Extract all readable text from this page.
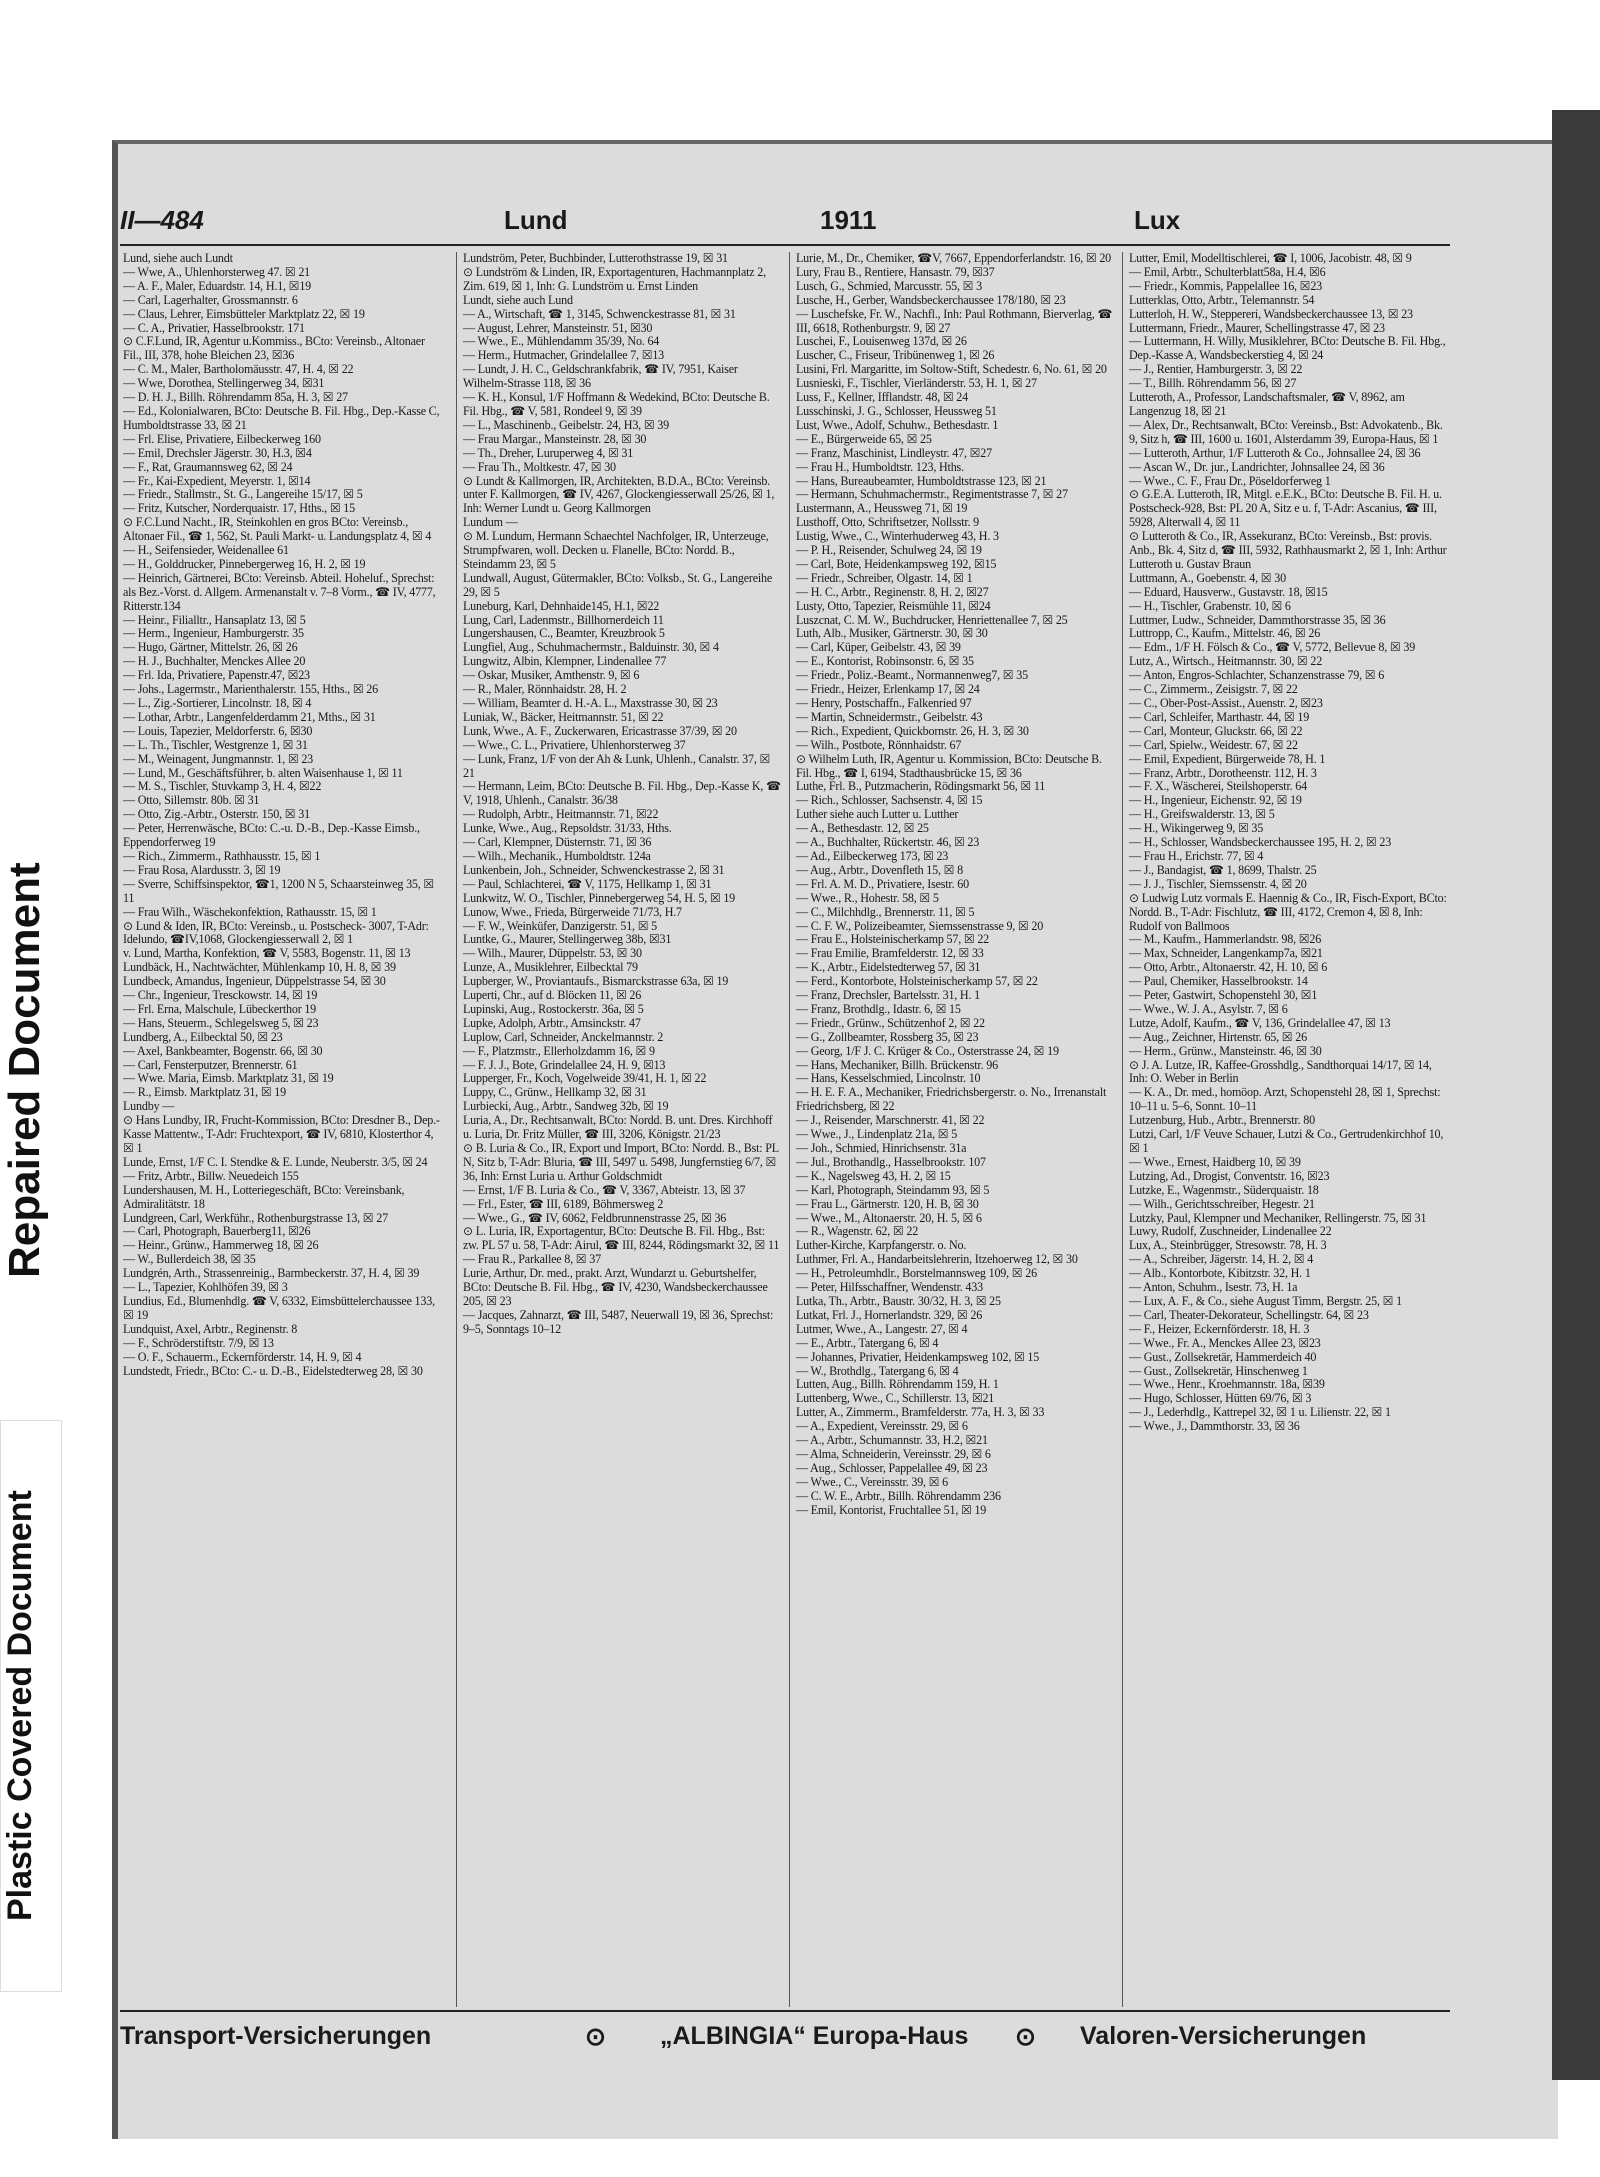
Repaired Document
Plastic Covered Document
II—484	Lund	1911	Lux

Lund, siehe auch Lundt

— Wwe, A., Uhlenhorsterweg 47. ☒ 21

— A. F., Maler, Eduardstr. 14, H.1, ☒19

— Carl, Lagerhalter, Grossmannstr. 6

— Claus, Lehrer, Eimsbütteler Marktplatz 22, ☒ 19

— C. A., Privatier, Hasselbrookstr. 171

⊙ C.F.Lund, IR, Agentur u.Kommiss., BCto: Vereinsb., Altonaer Fil., III, 378, hohe Bleichen 23, ☒36

— C. M., Maler, Bartholomäusstr. 47, H. 4, ☒ 22

— Wwe, Dorothea, Stellingerweg 34, ☒31

— D. H. J., Billh. Röhrendamm 85a, H. 3, ☒ 27

— Ed., Kolonialwaren, BCto: Deutsche B. Fil. Hbg., Dep.-Kasse C, Humboldtstrasse 33, ☒ 21

— Frl. Elise, Privatiere, Eilbeckerweg 160

— Emil, Drechsler Jägerstr. 30, H.3, ☒4

— F., Rat, Graumannsweg 62, ☒ 24

— Fr., Kai-Expedient, Meyerstr. 1, ☒14

— Friedr., Stallmstr., St. G., Langereihe 15/17, ☒ 5

— Fritz, Kutscher, Norderquaistr. 17, Hths., ☒ 15

⊙ F.C.Lund Nacht., IR, Steinkohlen en gros BCto: Vereinsb., Altonaer Fil., ☎ 1, 562, St. Pauli Markt- u. Landungsplatz 4, ☒ 4

— H., Seifensieder, Weidenallee 61

— H., Golddrucker, Pinnebergerweg 16, H. 2, ☒ 19

— Heinrich, Gärtnerei, BCto: Vereinsb. Abteil. Hoheluf., Sprechst: als Bez.-Vorst. d. Allgem. Armenanstalt v. 7–8 Vorm., ☎ IV, 4777, Ritterstr.134

— Heinr., Filialltr., Hansaplatz 13, ☒ 5

— Herm., Ingenieur, Hamburgerstr. 35

— Hugo, Gärtner, Mittelstr. 26, ☒ 26

— H. J., Buchhalter, Menckes Allee 20

— Frl. Ida, Privatiere, Papenstr.47, ☒23

— Johs., Lagermstr., Marienthalerstr. 155, Hths., ☒ 26

— L., Zig.-Sortierer, Lincolnstr. 18, ☒ 4

— Lothar, Arbtr., Langenfelderdamm 21, Mths., ☒ 31

— Louis, Tapezier, Meldorferstr. 6, ☒30

— L. Th., Tischler, Westgrenze 1, ☒ 31

— M., Weinagent, Jungmannstr. 1, ☒ 23

— Lund, M., Geschäftsführer, b. alten Waisenhause 1, ☒ 11

— M. S., Tischler, Stuvkamp 3, H. 4, ☒22

— Otto, Sillemstr. 80b. ☒ 31

— Otto, Zig.-Arbtr., Osterstr. 150, ☒ 31

— Peter, Herrenwäsche, BCto: C.-u. D.-B., Dep.-Kasse Eimsb., Eppendorferweg 19

— Rich., Zimmerm., Rathhausstr. 15, ☒ 1

— Frau Rosa, Alardusstr. 3, ☒ 19

— Sverre, Schiffsinspektor, ☎1, 1200 N 5, Schaarsteinweg 35, ☒ 11

— Frau Wilh., Wäschekonfektion, Rathausstr. 15, ☒ 1

⊙ Lund & Iden, IR, BCto: Vereinsb., u. Postscheck- 3007, T-Adr: Idelundo, ☎IV,1068, Glockengiesserwall 2, ☒ 1

v. Lund, Martha, Konfektion, ☎ V, 5583, Bogenstr. 11, ☒ 13

Lundbäck, H., Nachtwächter, Mühlenkamp 10, H. 8, ☒ 39

Lundbeck, Amandus, Ingenieur, Düppelstrasse 54, ☒ 30

— Chr., Ingenieur, Tresckowstr. 14, ☒ 19

— Frl. Erna, Malschule, Lübeckerthor 19

— Hans, Steuerm., Schlegelsweg 5, ☒ 23

Lundberg, A., Eilbecktal 50, ☒ 23

— Axel, Bankbeamter, Bogenstr. 66, ☒ 30

— Carl, Fensterputzer, Brennerstr. 61

— Wwe. Maria, Eimsb. Marktplatz 31, ☒ 19

— R., Eimsb. Marktplatz 31, ☒ 19

Lundby —

⊙ Hans Lundby, IR, Frucht-Kommission, BCto: Dresdner B., Dep.-Kasse Mattentw., T-Adr: Fruchtexport, ☎ IV, 6810, Klosterthor 4, ☒ 1

Lunde, Ernst, 1/F C. I. Stendke & E. Lunde, Neuberstr. 3/5, ☒ 24

— Fritz, Arbtr., Billw. Neuedeich 155

Lundershausen, M. H., Lotteriegeschäft, BCto: Vereinsbank, Admiralitätstr. 18

Lundgreen, Carl, Werkführ., Rothenburgstrasse 13, ☒ 27

— Carl, Photograph, Bauerberg11, ☒26

— Heinr., Grünw., Hammerweg 18, ☒ 26

— W., Bullerdeich 38, ☒ 35

Lundgrén, Arth., Strassenreinig., Barmbeckerstr. 37, H. 4, ☒ 39

— L., Tapezier, Kohlhöfen 39, ☒ 3

Lundius, Ed., Blumenhdlg. ☎ V, 6332, Eimsbüttelerchaussee 133, ☒ 19

Lundquist, Axel, Arbtr., Reginenstr. 8

— F., Schröderstiftstr. 7/9, ☒ 13

— O. F., Schauerm., Eckernförderstr. 14, H. 9, ☒ 4

Lundstedt, Friedr., BCto: C.- u. D.-B., Eidelstedterweg 28, ☒ 30

Lundström, Peter, Buchbinder, Lutterothstrasse 19, ☒ 31

⊙ Lundström & Linden, IR, Exportagenturen, Hachmannplatz 2, Zim. 619, ☒ 1, Inh: G. Lundström u. Ernst Linden

Lundt, siehe auch Lund

— A., Wirtschaft, ☎ 1, 3145, Schwenckestrasse 81, ☒ 31

— August, Lehrer, Mansteinstr. 51, ☒30

— Wwe., E., Mühlendamm 35/39, No. 64

— Herm., Hutmacher, Grindelallee 7, ☒13

— Lundt, J. H. C., Geldschrankfabrik, ☎ IV, 7951, Kaiser Wilhelm-Strasse 118, ☒ 36

— K. H., Konsul, 1/F Hoffmann & Wedekind, BCto: Deutsche B. Fil. Hbg., ☎ V, 581, Rondeel 9, ☒ 39

— L., Maschinenb., Geibelstr. 24, H3, ☒ 39

— Frau Margar., Mansteinstr. 28, ☒ 30

— Th., Dreher, Luruperweg 4, ☒ 31

— Frau Th., Moltkestr. 47, ☒ 30

⊙ Lundt & Kallmorgen, IR, Architekten, B.D.A., BCto: Vereinsb. unter F. Kallmorgen, ☎ IV, 4267, Glockengiesserwall 25/26, ☒ 1, Inh: Werner Lundt u. Georg Kallmorgen

Lundum —

⊙ M. Lundum, Hermann Schaechtel Nachfolger, IR, Unterzeuge, Strumpfwaren, woll. Decken u. Flanelle, BCto: Nordd. B., Steindamm 23, ☒ 5

Lundwall, August, Gütermakler, BCto: Volksb., St. G., Langereihe 29, ☒ 5

Luneburg, Karl, Dehnhaide145, H.1, ☒22

Lung, Carl, Ladenmstr., Billhornerdeich 11

Lungershausen, C., Beamter, Kreuzbrook 5

Lungfiel, Aug., Schuhmachermstr., Balduinstr. 30, ☒ 4

Lungwitz, Albin, Klempner, Lindenallee 77

— Oskar, Musiker, Amthenstr. 9, ☒ 6

— R., Maler, Rönnhaidstr. 28, H. 2

— William, Beamter d. H.-A. L., Maxstrasse 30, ☒ 23

Luniak, W., Bäcker, Heitmannstr. 51, ☒ 22

Lunk, Wwe., A. F., Zuckerwaren, Ericastrasse 37/39, ☒ 20

— Wwe., C. L., Privatiere, Uhlenhorsterweg 37

— Lunk, Franz, 1/F von der Ah & Lunk, Uhlenh., Canalstr. 37, ☒ 21

— Hermann, Leim, BCto: Deutsche B. Fil. Hbg., Dep.-Kasse K, ☎ V, 1918, Uhlenh., Canalstr. 36/38

— Rudolph, Arbtr., Heitmannstr. 71, ☒22

Lunke, Wwe., Aug., Repsoldstr. 31/33, Hths.

— Carl, Klempner, Düsternstr. 71, ☒ 36

— Wilh., Mechanik., Humboldtstr. 124a

Lunkenbein, Joh., Schneider, Schwenckestrasse 2, ☒ 31

— Paul, Schlachterei, ☎ V, 1175, Hellkamp 1, ☒ 31

Lunkwitz, W. O., Tischler, Pinnebergerweg 54, H. 5, ☒ 19

Lunow, Wwe., Frieda, Bürgerweide 71/73, H.7

— F. W., Weinküfer, Danzigerstr. 51, ☒ 5

Luntke, G., Maurer, Stellingerweg 38b, ☒31

— Wilh., Maurer, Düppelstr. 53, ☒ 30

Lunze, A., Musiklehrer, Eilbecktal 79

Lupberger, W., Proviantaufs., Bismarckstrasse 63a, ☒ 19

Luperti, Chr., auf d. Blöcken 11, ☒ 26

Lupinski, Aug., Rostockerstr. 36a, ☒ 5

Lupke, Adolph, Arbtr., Amsinckstr. 47

Luplow, Carl, Schneider, Anckelmannstr. 2

— F., Platzmstr., Ellerholzdamm 16, ☒ 9

— F. J. J., Bote, Grindelallee 24, H. 9, ☒13

Lupperger, Fr., Koch, Vogelweide 39/41, H. 1, ☒ 22

Luppy, C., Grünw., Hellkamp 32, ☒ 31

Lurbiecki, Aug., Arbtr., Sandweg 32b, ☒ 19

Luria, A., Dr., Rechtsanwalt, BCto: Nordd. B. unt. Dres. Kirchhoff u. Luria, Dr. Fritz Müller, ☎ III, 3206, Königstr. 21/23

⊙ B. Luria & Co., IR, Export und Import, BCto: Nordd. B., Bst: PL N, Sitz b, T-Adr: Bluria, ☎ III, 5497 u. 5498, Jungfernstieg 6/7, ☒ 36, Inh: Ernst Luria u. Arthur Goldschmidt

— Ernst, 1/F B. Luria & Co., ☎ V, 3367, Abteistr. 13, ☒ 37

— Frl., Ester, ☎ III, 6189, Böhmersweg 2

— Wwe., G., ☎ IV, 6062, Feldbrunnenstrasse 25, ☒ 36

⊙ L. Luria, IR, Exportagentur, BCto: Deutsche B. Fil. Hbg., Bst: zw. PL 57 u. 58, T-Adr: Airul, ☎ III, 8244, Rödingsmarkt 32, ☒ 11

— Frau R., Parkallee 8, ☒ 37

Lurie, Arthur, Dr. med., prakt. Arzt, Wundarzt u. Geburtshelfer, BCto: Deutsche B. Fil. Hbg., ☎ IV, 4230, Wandsbeckerchaussee 205, ☒ 23

— Jacques, Zahnarzt, ☎ III, 5487, Neuerwall 19, ☒ 36, Sprechst: 9–5, Sonntags 10–12

Lurie, M., Dr., Chemiker, ☎V, 7667, Eppendorferlandstr. 16, ☒ 20

Lury, Frau B., Rentiere, Hansastr. 79, ☒37

Lusch, G., Schmied, Marcusstr. 55, ☒ 3

Lusche, H., Gerber, Wandsbeckerchaussee 178/180, ☒ 23

— Luschefske, Fr. W., Nachfl., Inh: Paul Rothmann, Bierverlag, ☎ III, 6618, Rothenburgstr. 9, ☒ 27

Luschei, F., Louisenweg 137d, ☒ 26

Luscher, C., Friseur, Tribünenweg 1, ☒ 26

Lusini, Frl. Margaritte, im Soltow-Stift, Schedestr. 6, No. 61, ☒ 20

Lusnieski, F., Tischler, Vierländerstr. 53, H. 1, ☒ 27

Luss, F., Kellner, Ifflandstr. 48, ☒ 24

Lusschinski, J. G., Schlosser, Heussweg 51

Lust, Wwe., Adolf, Schuhw., Bethesdastr. 1

— E., Bürgerweide 65, ☒ 25

— Franz, Maschinist, Lindleystr. 47, ☒27

— Frau H., Humboldtstr. 123, Hths.

— Hans, Bureaubeamter, Humboldtstrasse 123, ☒ 21

— Hermann, Schuhmachermstr., Regimentstrasse 7, ☒ 27

Lustermann, A., Heussweg 71, ☒ 19

Lusthoff, Otto, Schriftsetzer, Nollsstr. 9

Lustig, Wwe., C., Winterhuderweg 43, H. 3

— P. H., Reisender, Schulweg 24, ☒ 19

— Carl, Bote, Heidenkampsweg 192, ☒15

— Friedr., Schreiber, Olgastr. 14, ☒ 1

— H. C., Arbtr., Reginenstr. 8, H. 2, ☒27

Lusty, Otto, Tapezier, Reismühle 11, ☒24

Luszcnat, C. M. W., Buchdrucker, Henriettenallee 7, ☒ 25

Luth, Alb., Musiker, Gärtnerstr. 30, ☒ 30

— Carl, Küper, Geibelstr. 43, ☒ 39

— E., Kontorist, Robinsonstr. 6, ☒ 35

— Friedr., Poliz.-Beamt., Normannenweg7, ☒ 35

— Friedr., Heizer, Erlenkamp 17, ☒ 24

— Henry, Postschaffn., Falkenried 97

— Martin, Schneidermstr., Geibelstr. 43

— Rich., Expedient, Quickbornstr. 26, H. 3, ☒ 30

— Wilh., Postbote, Rönnhaidstr. 67

⊙ Wilhelm Luth, IR, Agentur u. Kommission, BCto: Deutsche B. Fil. Hbg., ☎ I, 6194, Stadthausbrücke 15, ☒ 36

Luthe, Frl. B., Putzmacherin, Rödingsmarkt 56, ☒ 11

— Rich., Schlosser, Sachsenstr. 4, ☒ 15

Luther siehe auch Lutter u. Lutther

— A., Bethesdastr. 12, ☒ 25

— A., Buchhalter, Rückertstr. 46, ☒ 23

— Ad., Eilbeckerweg 173, ☒ 23

— Aug., Arbtr., Dovenfleth 15, ☒ 8

— Frl. A. M. D., Privatiere, Isestr. 60

— Wwe., R., Hohestr. 58, ☒ 5

— C., Milchhdlg., Brennerstr. 11, ☒ 5

— C. F. W., Polizeibeamter, Siemssenstrasse 9, ☒ 20

— Frau E., Holsteinischerkamp 57, ☒ 22

— Frau Emilie, Bramfelderstr. 12, ☒ 33

— K., Arbtr., Eidelstedterweg 57, ☒ 31

— Ferd., Kontorbote, Holsteinischerkamp 57, ☒ 22

— Franz, Drechsler, Bartelsstr. 31, H. 1

— Franz, Brothdlg., Idastr. 6, ☒ 15

— Friedr., Grünw., Schützenhof 2, ☒ 22

— G., Zollbeamter, Rossberg 35, ☒ 23

— Georg, 1/F J. C. Krüger & Co., Osterstrasse 24, ☒ 19

— Hans, Mechaniker, Billh. Brückenstr. 96

— Hans, Kesselschmied, Lincolnstr. 10

— H. E. F. A., Mechaniker, Friedrichsbergerstr. o. No., Irrenanstalt Friedrichsberg, ☒ 22

— J., Reisender, Marschnerstr. 41, ☒ 22

— Wwe., J., Lindenplatz 21a, ☒ 5

— Joh., Schmied, Hinrichsenstr. 31a

— Jul., Brothandlg., Hasselbrookstr. 107

— K., Nagelsweg 43, H. 2, ☒ 15

— Karl, Photograph, Steindamm 93, ☒ 5

— Frau L., Gärtnerstr. 120, H. B, ☒ 30

— Wwe., M., Altonaerstr. 20, H. 5, ☒ 6

— R., Wagenstr. 62, ☒ 22

Luther-Kirche, Karpfangerstr. o. No.

Luthmer, Frl. A., Handarbeitslehrerin, Itzehoerweg 12, ☒ 30

— H., Petroleumhdlr., Borstelmannsweg 109, ☒ 26

— Peter, Hilfsschaffner, Wendenstr. 433

Lutka, Th., Arbtr., Baustr. 30/32, H. 3, ☒ 25

Lutkat, Frl. J., Hornerlandstr. 329, ☒ 26

Lutmer, Wwe., A., Langestr. 27, ☒ 4

— E., Arbtr., Tatergang 6, ☒ 4

— Johannes, Privatier, Heidenkampsweg 102, ☒ 15

— W., Brothdlg., Tatergang 6, ☒ 4

Lutten, Aug., Billh. Röhrendamm 159, H. 1

Luttenberg, Wwe., C., Schillerstr. 13, ☒21

Lutter, A., Zimmerm., Bramfelderstr. 77a, H. 3, ☒ 33

— A., Expedient, Vereinsstr. 29, ☒ 6

— A., Arbtr., Schumannstr. 33, H.2, ☒21

— Alma, Schneiderin, Vereinsstr. 29, ☒ 6

— Aug., Schlosser, Pappelallee 49, ☒ 23

— Wwe., C., Vereinsstr. 39, ☒ 6

— C. W. E., Arbtr., Billh. Röhrendamm 236

— Emil, Kontorist, Fruchtallee 51, ☒ 19

Lutter, Emil, Modelltischlerei, ☎ I, 1006, Jacobistr. 48, ☒ 9

— Emil, Arbtr., Schulterblatt58a, H.4, ☒6

— Friedr., Kommis, Pappelallee 16, ☒23

Lutterklas, Otto, Arbtr., Telemannstr. 54

Lutterloh, H. W., Steppereri, Wandsbeckerchaussee 13, ☒ 23

Luttermann, Friedr., Maurer, Schellingstrasse 47, ☒ 23

— Luttermann, H. Willy, Musiklehrer, BCto: Deutsche B. Fil. Hbg., Dep.-Kasse A, Wandsbeckerstieg 4, ☒ 24

— J., Rentier, Hamburgerstr. 3, ☒ 22

— T., Billh. Röhrendamm 56, ☒ 27

Lutteroth, A., Professor, Landschaftsmaler, ☎ V, 8962, am Langenzug 18, ☒ 21

— Alex, Dr., Rechtsanwalt, BCto: Vereinsb., Bst: Advokatenb., Bk. 9, Sitz h, ☎ III, 1600 u. 1601, Alsterdamm 39, Europa-Haus, ☒ 1

— Lutteroth, Arthur, 1/F Lutteroth & Co., Johnsallee 24, ☒ 36

— Ascan W., Dr. jur., Landrichter, Johnsallee 24, ☒ 36

— Wwe., C. F., Frau Dr., Pöseldorferweg 1

⊙ G.E.A. Lutteroth, IR, Mitgl. e.E.K., BCto: Deutsche B. Fil. H. u. Postscheck-928, Bst: PL 20 A, Sitz e u. f, T-Adr: Ascanius, ☎ III, 5928, Alterwall 4, ☒ 11

⊙ Lutteroth & Co., IR, Assekuranz, BCto: Vereinsb., Bst: provis. Anb., Bk. 4, Sitz d, ☎ III, 5932, Rathhausmarkt 2, ☒ 1, Inh: Arthur Lutteroth u. Gustav Braun

Luttmann, A., Goebenstr. 4, ☒ 30

— Eduard, Hausverw., Gustavstr. 18, ☒15

— H., Tischler, Grabenstr. 10, ☒ 6

Luttmer, Ludw., Schneider, Dammthorstrasse 35, ☒ 36

Luttropp, C., Kaufm., Mittelstr. 46, ☒ 26

— Edm., 1/F H. Fölsch & Co., ☎ V, 5772, Bellevue 8, ☒ 39

Lutz, A., Wirtsch., Heitmannstr. 30, ☒ 22

— Anton, Engros-Schlachter, Schanzenstrasse 79, ☒ 6

— C., Zimmerm., Zeisigstr. 7, ☒ 22

— C., Ober-Post-Assist., Auenstr. 2, ☒23

— Carl, Schleifer, Marthastr. 44, ☒ 19

— Carl, Monteur, Gluckstr. 66, ☒ 22

— Carl, Spielw., Weidestr. 67, ☒ 22

— Emil, Expedient, Bürgerweide 78, H. 1

— Franz, Arbtr., Dorotheenstr. 112, H. 3

— F. X., Wäscherei, Steilshoperstr. 64

— H., Ingenieur, Eichenstr. 92, ☒ 19

— H., Greifswalderstr. 13, ☒ 5

— H., Wikingerweg 9, ☒ 35

— H., Schlosser, Wandsbeckerchaussee 195, H. 2, ☒ 23

— Frau H., Erichstr. 77, ☒ 4

— J., Bandagist, ☎ 1, 8699, Thalstr. 25

— J. J., Tischler, Siemssenstr. 4, ☒ 20

⊙ Ludwig Lutz vormals E. Haennig & Co., IR, Fisch-Export, BCto: Nordd. B., T-Adr: Fischlutz, ☎ III, 4172, Cremon 4, ☒ 8, Inh: Rudolf von Ballmoos

— M., Kaufm., Hammerlandstr. 98, ☒26

— Max, Schneider, Langenkamp7a, ☒21

— Otto, Arbtr., Altonaerstr. 42, H. 10, ☒ 6

— Paul, Chemiker, Hasselbrookstr. 14

— Peter, Gastwirt, Schopenstehl 30, ☒1

— Wwe., W. J. A., Asylstr. 7, ☒ 6

Lutze, Adolf, Kaufm., ☎ V, 136, Grindelallee 47, ☒ 13

— Aug., Zeichner, Hirtenstr. 65, ☒ 26

— Herm., Grünw., Mansteinstr. 46, ☒ 30

⊙ J. A. Lutze, IR, Kaffee-Grosshdlg., Sandthorquai 14/17, ☒ 14, Inh: O. Weber in Berlin

— K. A., Dr. med., homöop. Arzt, Schopenstehl 28, ☒ 1, Sprechst: 10–11 u. 5–6, Sonnt. 10–11

Lutzenburg, Hub., Arbtr., Brennerstr. 80

Lutzi, Carl, 1/F Veuve Schauer, Lutzi & Co., Gertrudenkirchhof 10, ☒ 1

— Wwe., Ernest, Haidberg 10, ☒ 39

Lutzing, Ad., Drogist, Conventstr. 16, ☒23

Lutzke, E., Wagenmstr., Süderquaistr. 18

— Wilh., Gerichtsschreiber, Hegestr. 21

Lutzky, Paul, Klempner und Mechaniker, Rellingerstr. 75, ☒ 31

Luwy, Rudolf, Zuschneider, Lindenallee 22

Lux, A., Steinbrügger, Stresowstr. 78, H. 3

— A., Schreiber, Jägerstr. 14, H. 2, ☒ 4

— Alb., Kontorbote, Kibitzstr. 32, H. 1

— Anton, Schuhm., Isestr. 73, H. 1a

— Lux, A. F., & Co., siehe August Timm, Bergstr. 25, ☒ 1

— Carl, Theater-Dekorateur, Schellingstr. 64, ☒ 23

— F., Heizer, Eckernförderstr. 18, H. 3

— Wwe., Fr. A., Menckes Allee 23, ☒23

— Gust., Zollsekretär, Hammerdeich 40

— Gust., Zollsekretär, Hinschenweg 1

— Wwe., Henr., Kroehmannstr. 18a, ☒39

— Hugo, Schlosser, Hütten 69/76, ☒ 3

— J., Lederhdlg., Kattrepel 32, ☒ 1 u. Lilienstr. 22, ☒ 1

— Wwe., J., Dammthorstr. 33, ☒ 36

Transport-Versicherungen	⊙ „ALBINGIA“ Europa-Haus ⊙ Valoren-Versicherungen
